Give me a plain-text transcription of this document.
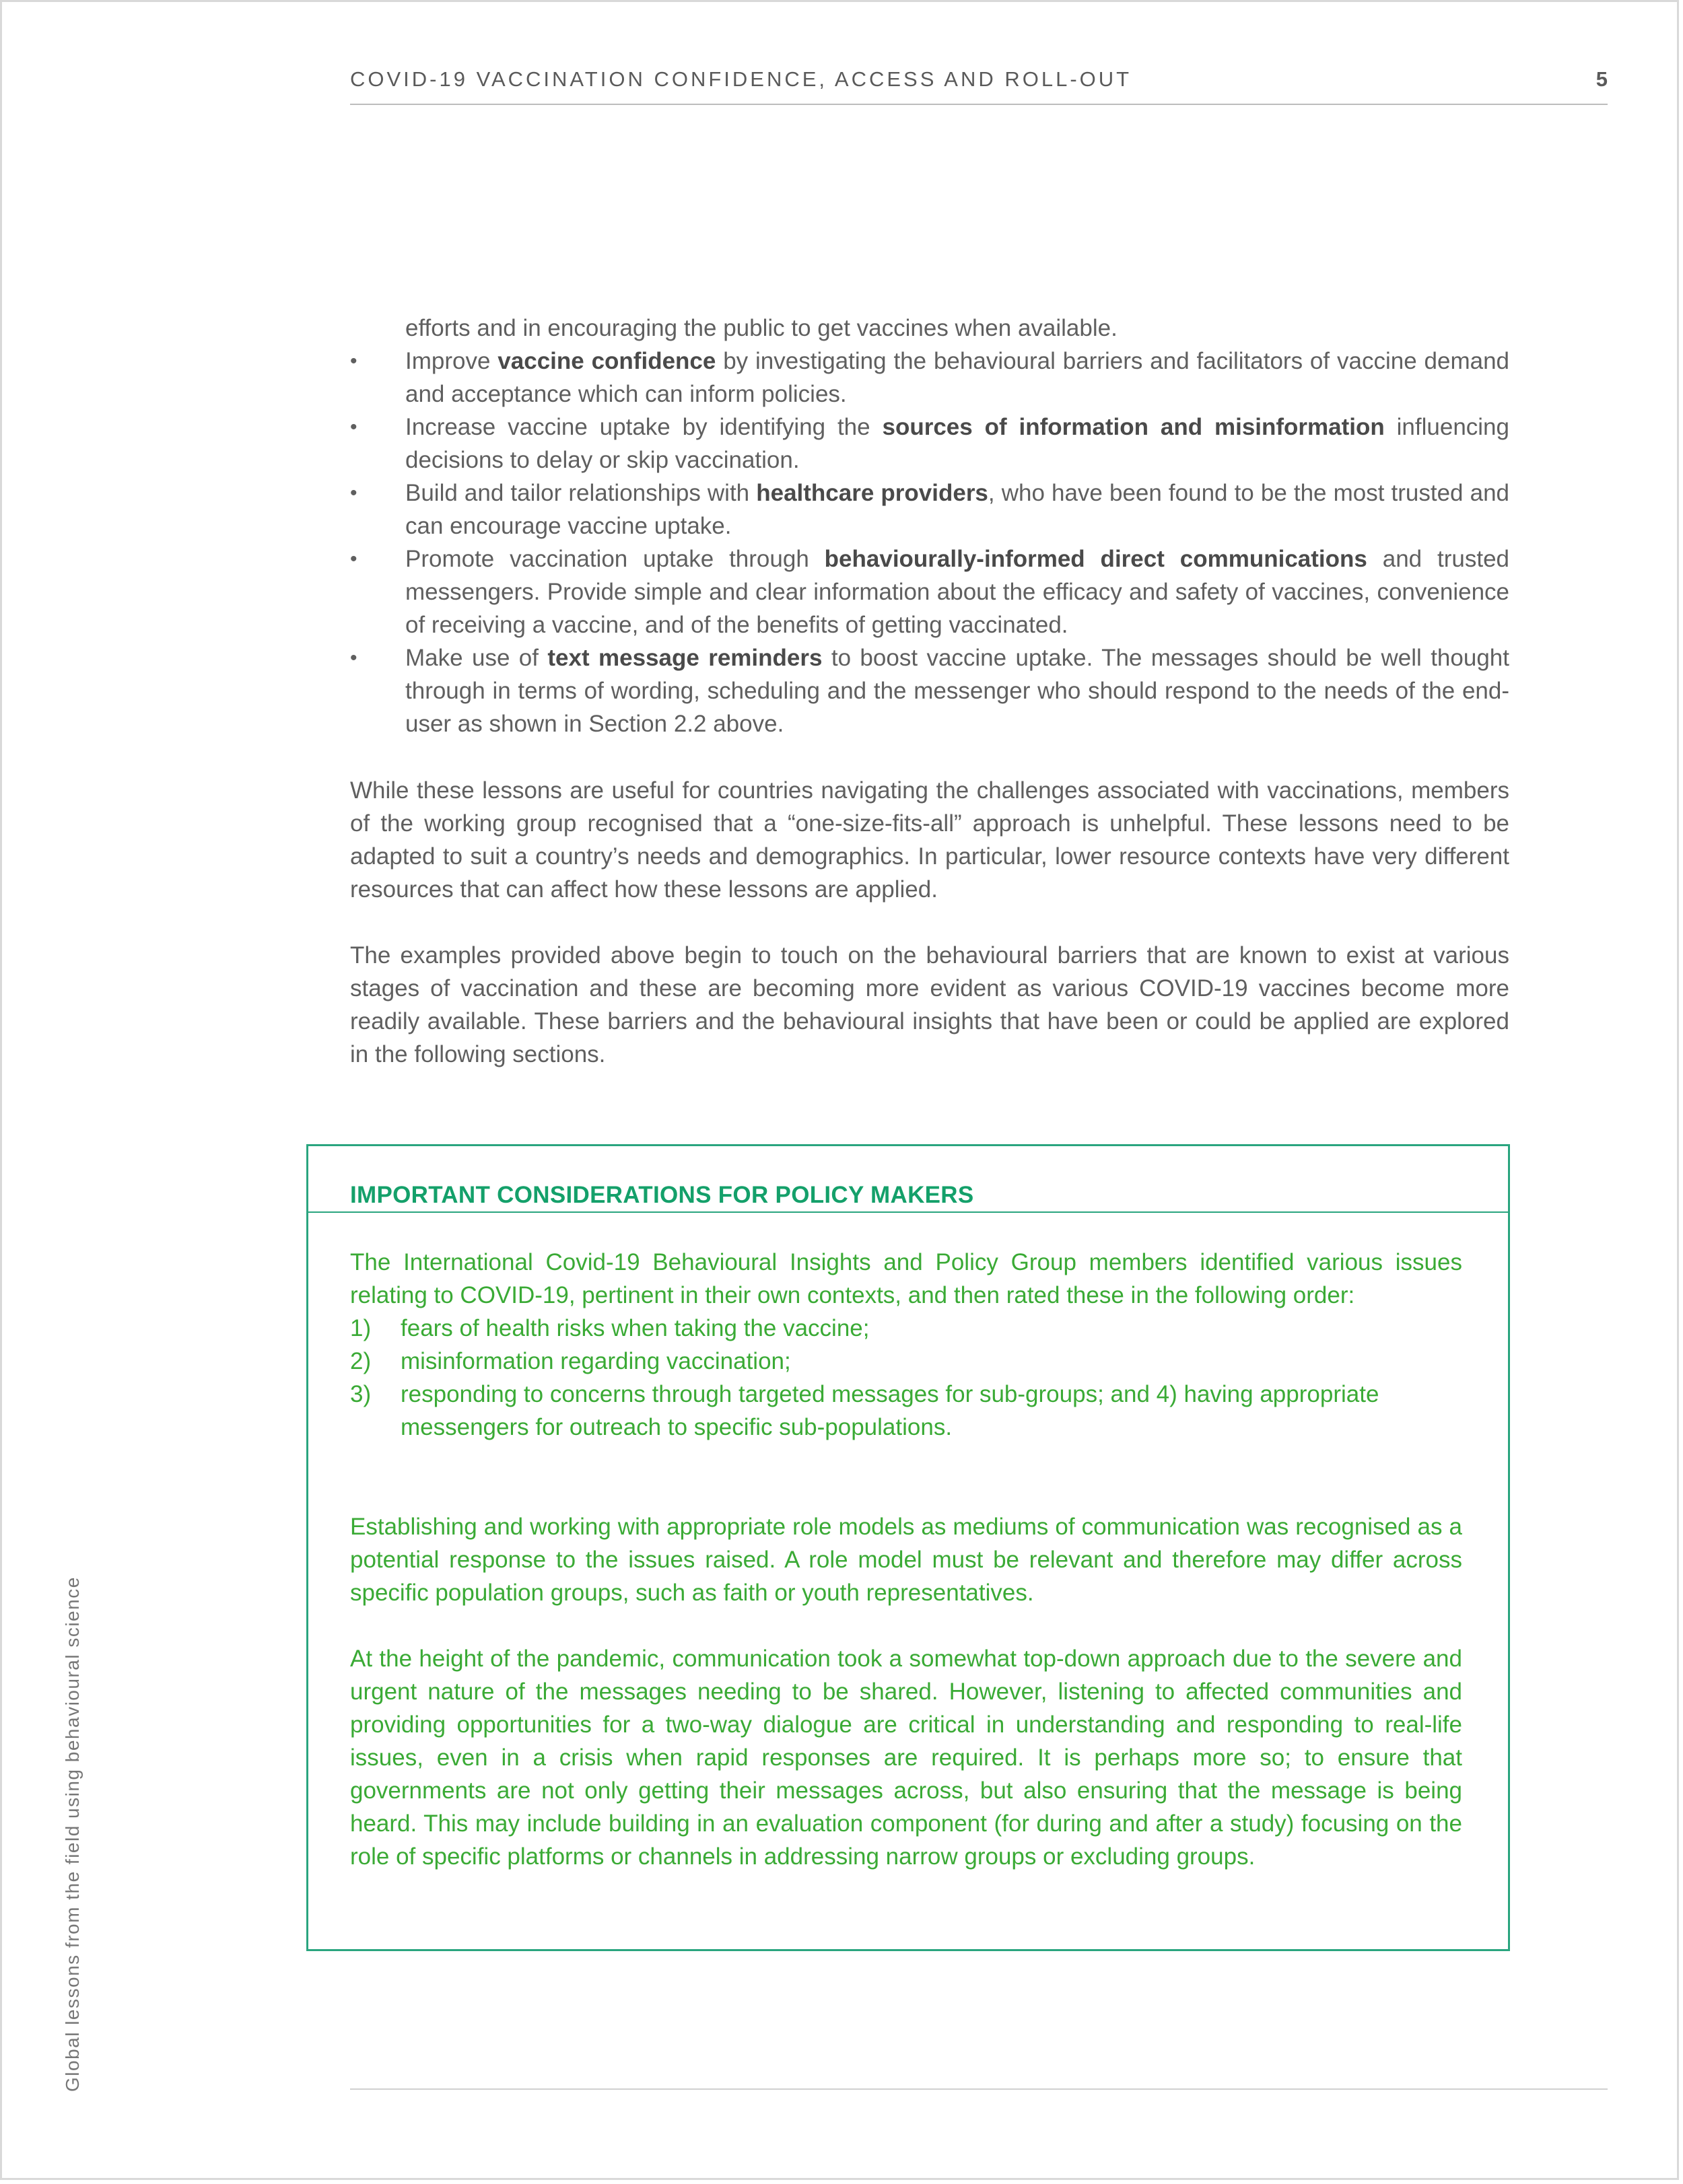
COVID-19 VACCINATION CONFIDENCE, ACCESS AND ROLL-OUT	5
efforts and in encouraging the public to get vaccines when available.
• Improve vaccine confidence by investigating the behavioural barriers and facilitators of vaccine demand and acceptance which can inform policies.
• Increase vaccine uptake by identifying the sources of information and misinformation influencing decisions to delay or skip vaccination.
• Build and tailor relationships with healthcare providers, who have been found to be the most trusted and can encourage vaccine uptake.
• Promote vaccination uptake through behaviourally-informed direct communications and trusted messengers. Provide simple and clear information about the efficacy and safety of vaccines, convenience of receiving a vaccine, and of the benefits of getting vaccinated.
• Make use of text message reminders to boost vaccine uptake. The messages should be well thought through in terms of wording, scheduling and the messenger who should respond to the needs of the end-user as shown in Section 2.2 above.

While these lessons are useful for countries navigating the challenges associated with vaccinations, members of the working group recognised that a “one-size-fits-all” approach is unhelpful. These lessons need to be adapted to suit a country’s needs and demographics. In particular, lower resource contexts have very different resources that can affect how these lessons are applied.

The examples provided above begin to touch on the behavioural barriers that are known to exist at various stages of vaccination and these are becoming more evident as various COVID-19 vaccines become more readily available. These barriers and the behavioural insights that have been or could be applied are explored in the following sections.

IMPORTANT CONSIDERATIONS FOR POLICY MAKERS

The International Covid-19 Behavioural Insights and Policy Group members identified various issues relating to COVID-19, pertinent in their own contexts, and then rated these in the following order:

1) fears of health risks when taking the vaccine;
2) misinformation regarding vaccination;
3) responding to concerns through targeted messages for sub-groups; and 4) having appropriate messengers for outreach to specific sub-populations.

Establishing and working with appropriate role models as mediums of communication was recognised as a potential response to the issues raised. A role model must be relevant and therefore may differ across specific population groups, such as faith or youth representatives.

At the height of the pandemic, communication took a somewhat top-down approach due to the severe and urgent nature of the messages needing to be shared. However, listening to affected communities and providing opportunities for a two-way dialogue are critical in understanding and responding to real-life issues, even in a crisis when rapid responses are required. It is perhaps more so; to ensure that governments are not only getting their messages across, but also ensuring that the message is being heard. This may include building in an evaluation component (for during and after a study) focusing on the role of specific platforms or channels in addressing narrow groups or excluding groups.

Global lessons from the field using behavioural science
